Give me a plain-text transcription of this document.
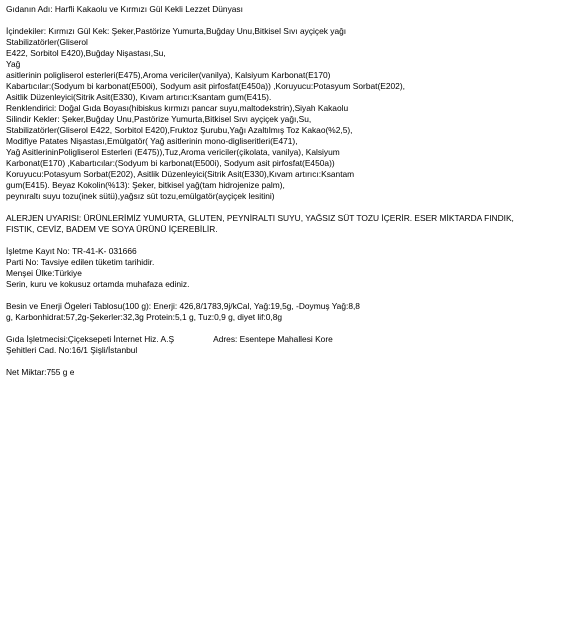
Gıdanın Adı: Harfli Kakaolu ve Kırmızı Gül Kekli Lezzet Dünyası
İçindekiler: Kırmızı Gül Kek: Şeker,Pastörize Yumurta,Buğday Unu,Bitkisel Sıvı ayçiçek yağı
Stabilizatörler(Gliserol
E422, Sorbitol E420),Buğday Nişastası,Su,
Yağ
asitlerinin poligliserol esterleri(E475),Aroma vericiler(vanilya), Kalsiyum Karbonat(E170)
Kabartıcılar:(Sodyum bi karbonat(E500i), Sodyum asit pirfosfat(E450a)) ,Koruyucu:Potasyum Sorbat(E202),
Asitlik Düzenleyici(Sitrik Asit(E330), Kıvam artırıcı:Ksantam gum(E415).
Renklendirici: Doğal Gıda Boyası(hibiskus kırmızı pancar suyu,maltodekstrin),Siyah Kakaolu
Silindir Kekler: Şeker,Buğday Unu,Pastörize Yumurta,Bitkisel Sıvı ayçiçek yağı,Su,
Stabilizatörler(Gliserol E422, Sorbitol E420),Fruktoz Şurubu,Yağı Azaltılmış Toz Kakao(%2,5),
Modifiye Patates Nişastası,Emülgatör( Yağ asitlerinin mono-digliseritleri(E471),
Yağ AsitlerininPoligliserol Esterleri (E475)),Tuz,Aroma vericiler(çikolata, vanilya), Kalsiyum
Karbonat(E170) ,Kabartıcılar:(Sodyum bi karbonat(E500i), Sodyum asit pirfosfat(E450a))
Koruyucu:Potasyum Sorbat(E202), Asitlik Düzenleyici(Sitrik Asit(E330),Kıvam artırıcı:Ksantam
gum(E415). Beyaz Kokolin(%13): Şeker, bitkisel yağ(tam hidrojenize palm),
peynıraltı suyu tozu(inek sütü),yağsız süt tozu,emülgatör(ayçiçek lesitini)
ALERJEN UYARISI: ÜRÜNLERİMİZ YUMURTA, GLUTEN, PEYNİRALTI SUYU, YAĞSIZ SÜT TOZU İÇERİR. ESER MİKTARDA FINDIK,
FISTIK, CEVİZ, BADEM VE SOYA ÜRÜNÜ İÇEREBİLİR.
İşletme Kayıt No: TR-41-K- 031666
Parti No: Tavsiye edilen tüketim tarihidir.
Menşei Ülke:Türkiye
Serin, kuru ve kokusuz ortamda muhafaza ediniz.
Besin ve Enerji Ögeleri Tablosu(100 g): Enerji: 426,8/1783,9j/kCal, Yağ:19,5g, -Doymuş Yağ:8,8
g, Karbonhidrat:57,2g-Şekerler:32,3g Protein:5,1 g, Tuz:0,9 g, diyet lif:0,8g
Gıda İşletmecisi:Çiçeksepeti İnternet Hiz. A.Ş                 Adres: Esentepe Mahallesi Kore
Şehitleri Cad. No:16/1 Şişli/İstanbul
Net Miktar:755 g e
